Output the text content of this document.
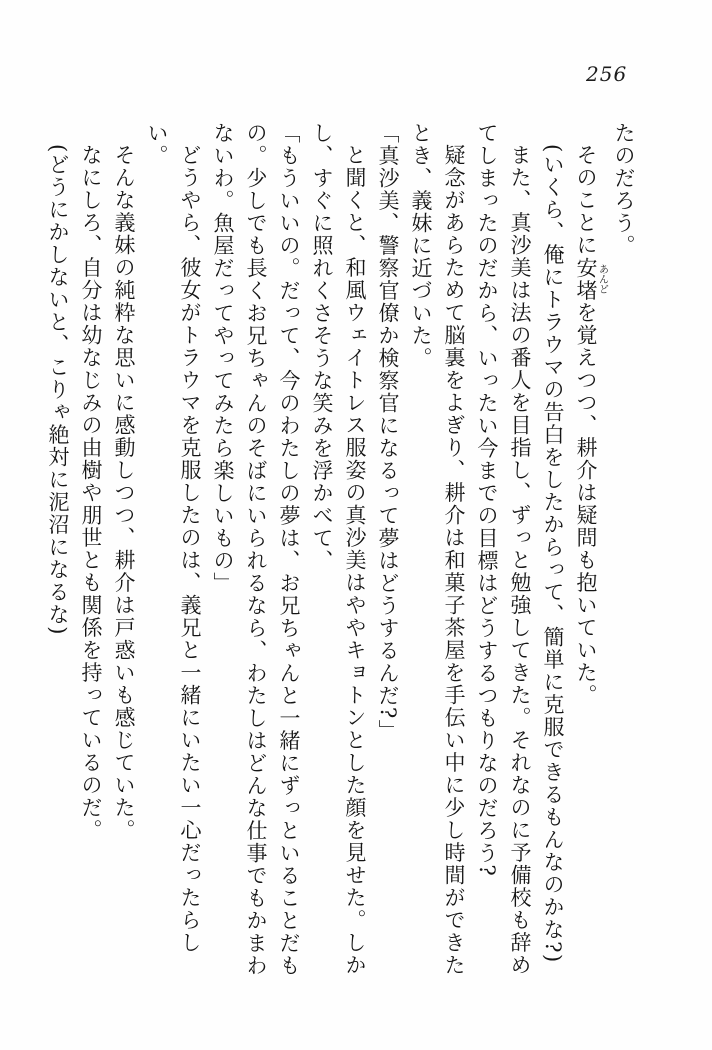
256

たのだろう。

そのことに安堵あんどを覚えつつ、耕介は疑問も抱いていた。

(いくら、俺にトラウマの告白をしたからって、簡単に克服できるもんなのかな?)

また、真沙美は法の番人を目指し、ずっと勉強してきた。それなのに予備校も辞めてしまったのだから、いったい今までの目標はどうするつもりなのだろう?

疑念があらためて脳裏をよぎり、耕介は和菓子茶屋を手伝い中に少し時間ができたとき、義妹に近づいた。

「真沙美、警察官僚か検察官になるって夢はどうするんだ?」

と聞くと、和風ウェイトレス服姿の真沙美はややキョトンとした顔を見せた。しかし、すぐに照れくさそうな笑みを浮かべて、

「もういいの。だって、今のわたしの夢は、お兄ちゃんと一緒にずっといることだもの。少しでも長くお兄ちゃんのそばにいられるなら、わたしはどんな仕事でもかまわないわ。魚屋だってやってみたら楽しいもの」

どうやら、彼女がトラウマを克服したのは、義兄と一緒にいたい一心だったらしい。

そんな義妹の純粋な思いに感動しつつ、耕介は戸惑いも感じていた。

なにしろ、自分は幼なじみの由樹や朋世とも関係を持っているのだ。

(どうにかしないと、こりゃ絶対に泥沼になるな)
